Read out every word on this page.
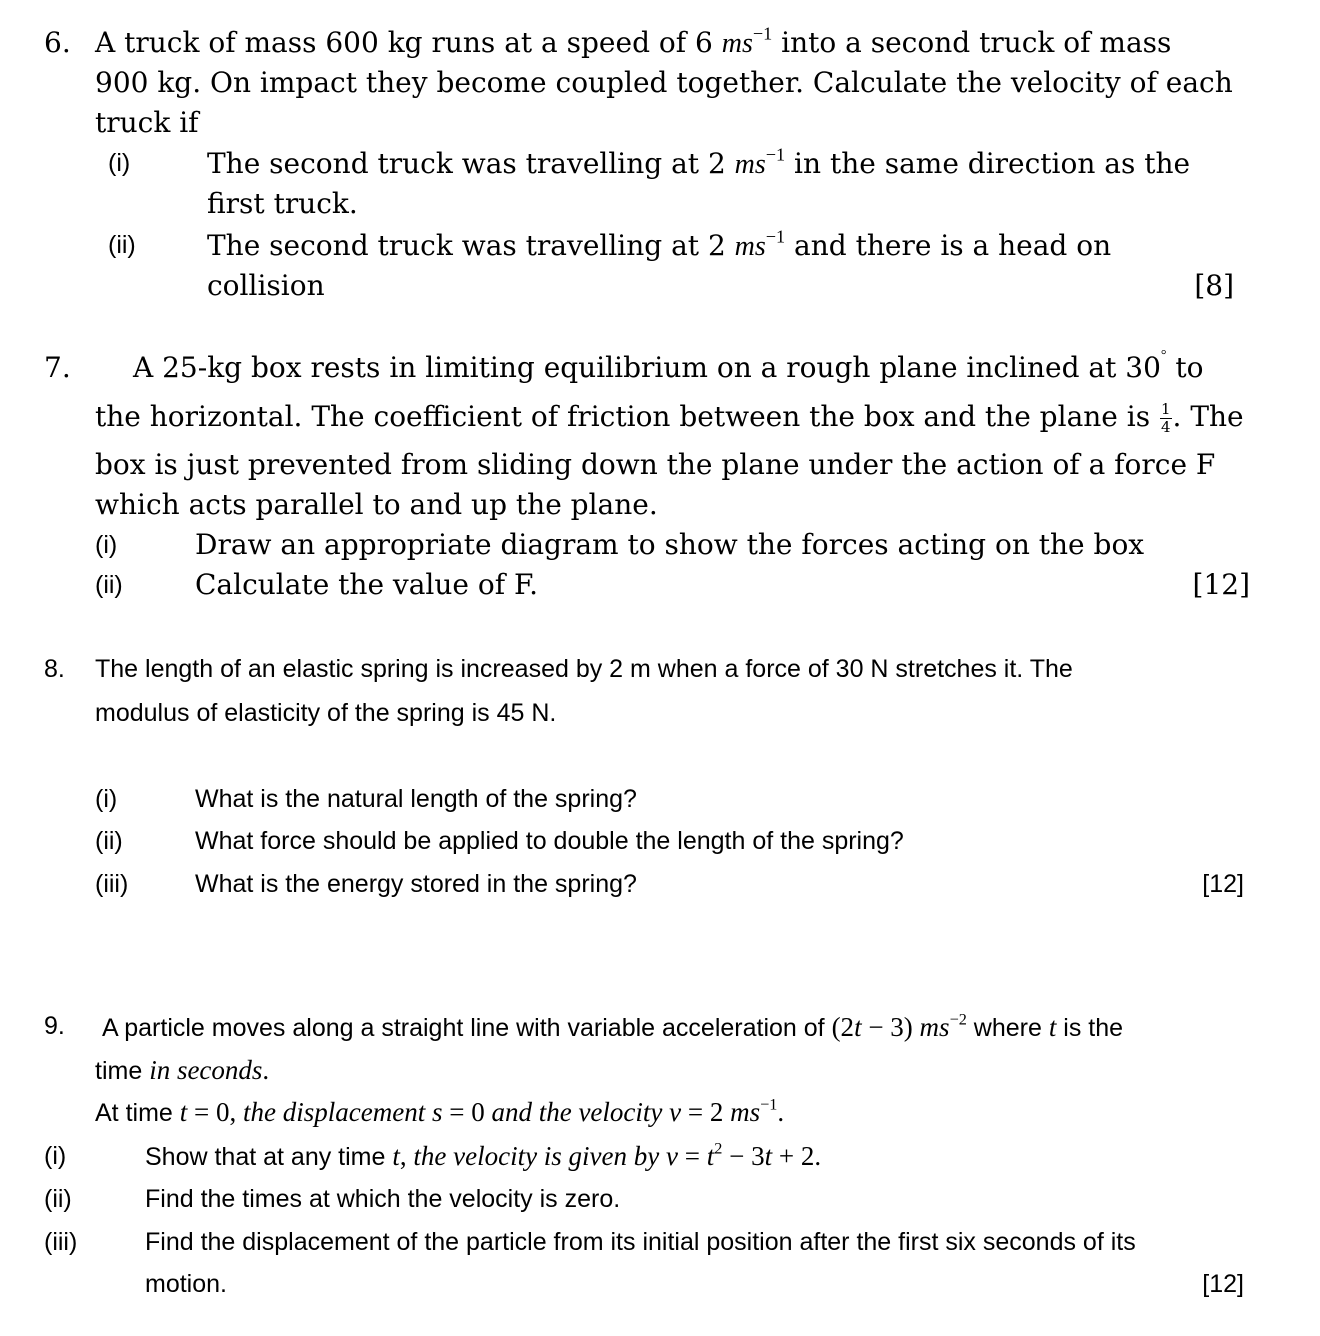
6. A truck of mass 600 kg runs at a speed of 6 $ms^{-1}$ into a second truck of mass
900 kg. On impact they become coupled together. Calculate the velocity of each
truck if
(i)	The second truck was travelling at 2 $ms^{-1}$ in the same direction as the
first truck.
(ii)	The second truck was travelling at 2 $ms^{-1}$ and there is a head on
collision	[8]
7. A 25-kg box rests in limiting equilibrium on a rough plane inclined at 30° to
the horizontal. The coefficient of friction between the box and the plane is $\frac{1}{4}$ . The
box is just prevented from sliding down the plane under the action of a force F
which acts parallel to and up the plane.
(i)	Draw an appropriate diagram to show the forces acting on the box
(ii)	Calculate the value of F.	[12]
8. The length of an elastic spring is increased by 2 m when a force of 30 N stretches it. The
modulus of elasticity of the spring is 45 N.
(i)	What is the natural length of the spring?
(ii)	What force should be applied to double the length of the spring?
(iii)	What is the energy stored in the spring?	[12]
9. A particle moves along a straight line with variable acceleration of (2t − 3) $ms^{-2}$ where t is the
time in seconds.
At time t = 0, the displacement s = 0 and the velocity v = 2 $ms^{-1}$.
(i)	Show that at any time t, the velocity is given by $v = t^2 - 3t + 2$.
(ii)	Find the times at which the velocity is zero.
(iii)	Find the displacement of the particle from its initial position after the first six seconds of its
motion.	[12]
